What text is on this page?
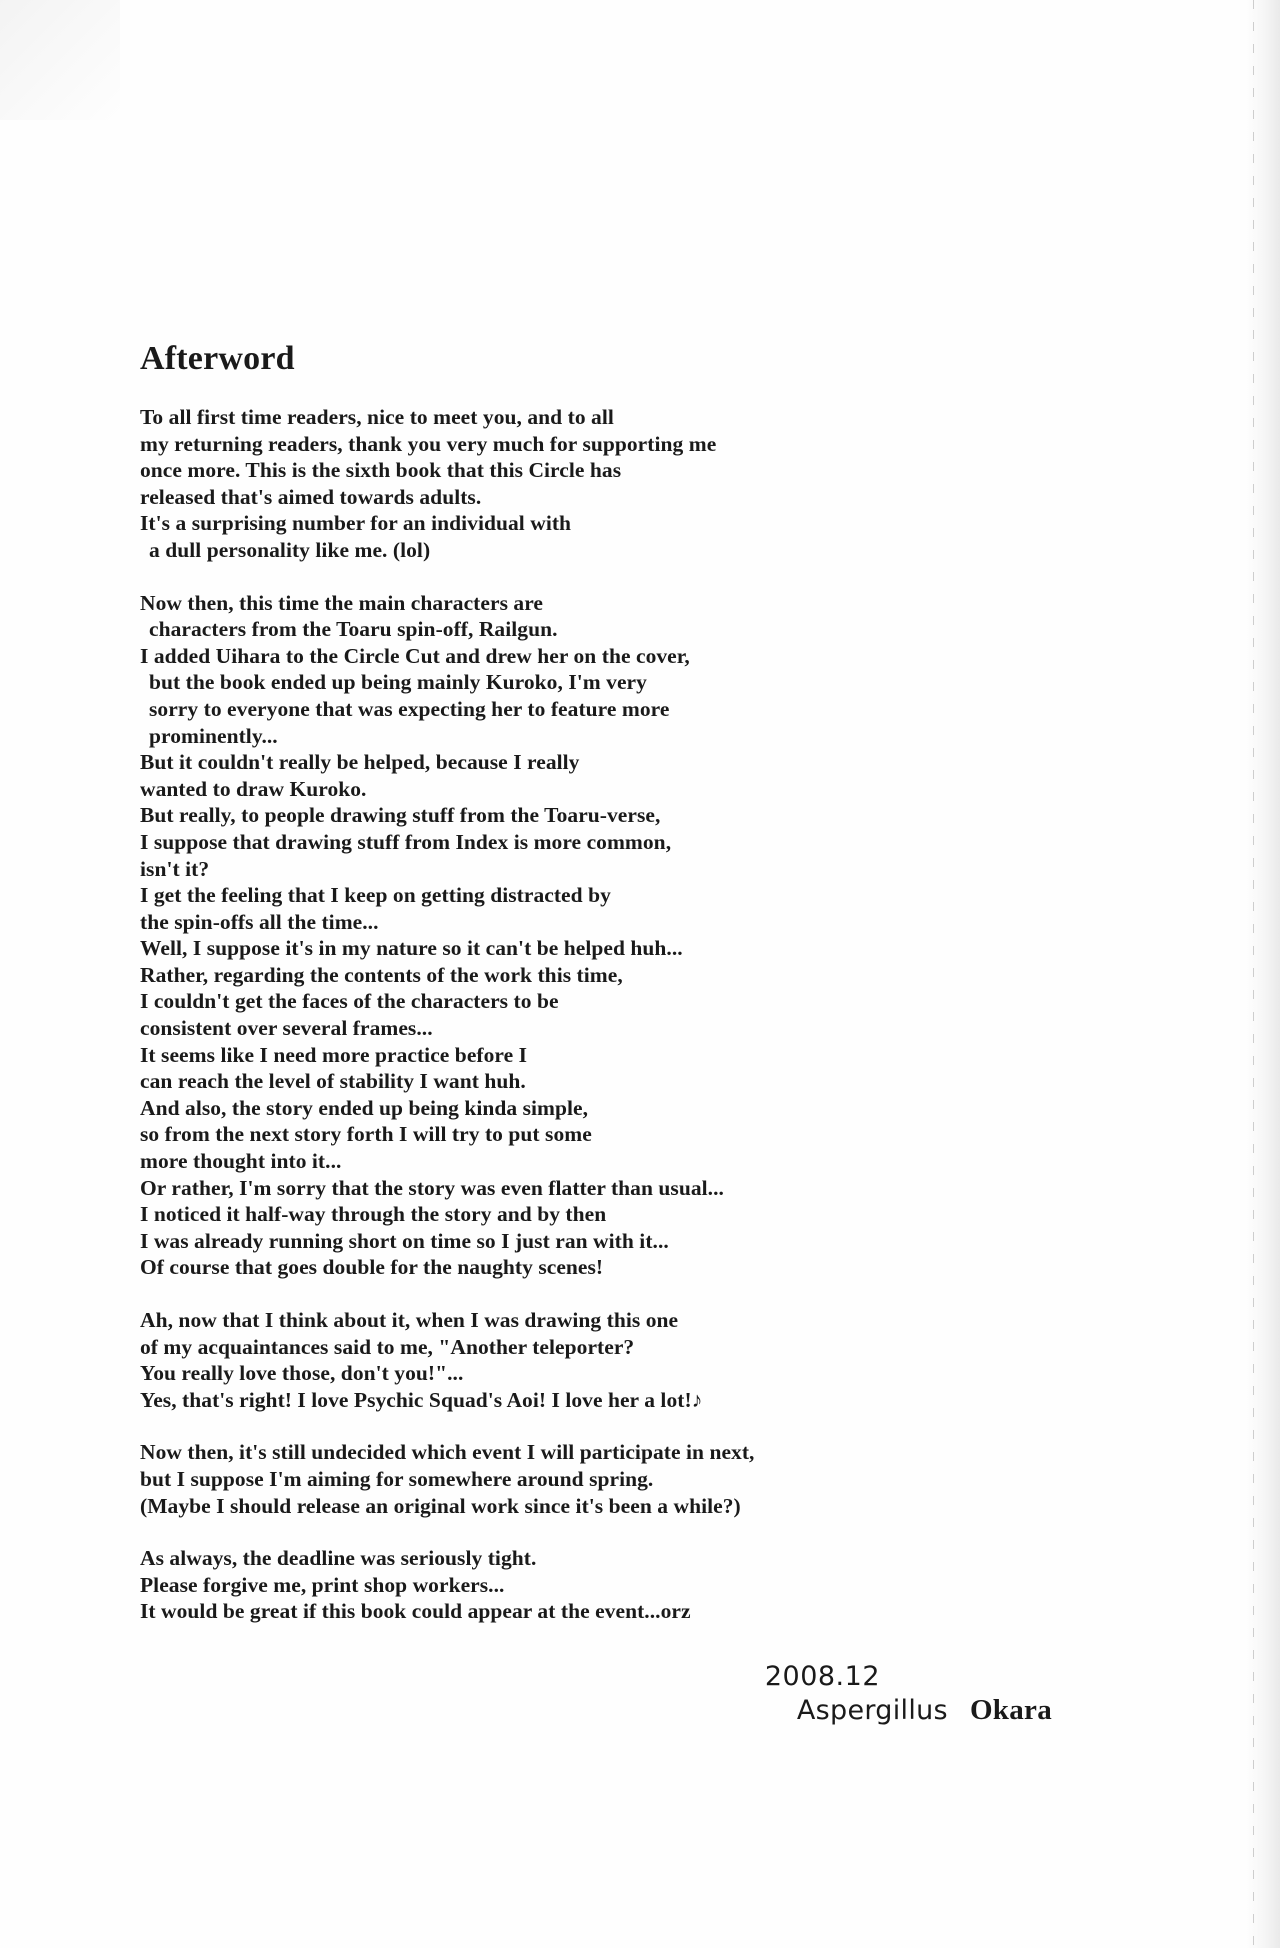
Afterword

To all first time readers, nice to meet you, and to all
my returning readers, thank you very much for supporting me
once more. This is the sixth book that this Circle has
released that's aimed towards adults.
It's a surprising number for an individual with
a dull personality like me. (lol)

Now then, this time the main characters are
characters from the Toaru spin-off, Railgun.
I added Uihara to the Circle Cut and drew her on the cover,
but the book ended up being mainly Kuroko, I'm very
sorry to everyone that was expecting her to feature more
prominently...
But it couldn't really be helped, because I really
wanted to draw Kuroko.
But really, to people drawing stuff from the Toaru-verse,
I suppose that drawing stuff from Index is more common,
isn't it?
I get the feeling that I keep on getting distracted by
the spin-offs all the time...
Well, I suppose it's in my nature so it can't be helped huh...
Rather, regarding the contents of the work this time,
I couldn't get the faces of the characters to be
consistent over several frames...
It seems like I need more practice before I
can reach the level of stability I want huh.
And also, the story ended up being kinda simple,
so from the next story forth I will try to put some
more thought into it...
Or rather, I'm sorry that the story was even flatter than usual...
I noticed it half-way through the story and by then
I was already running short on time so I just ran with it...
Of course that goes double for the naughty scenes!

Ah, now that I think about it, when I was drawing this one
of my acquaintances said to me, "Another teleporter?
You really love those, don't you!"...
Yes, that's right! I love Psychic Squad's Aoi! I love her a lot!♪

Now then, it's still undecided which event I will participate in next,
but I suppose I'm aiming for somewhere around spring.
(Maybe I should release an original work since it's been a while?)

As always, the deadline was seriously tight.
Please forgive me, print shop workers...
It would be great if this book could appear at the event...orz

2008.12
Aspergillus Okara
